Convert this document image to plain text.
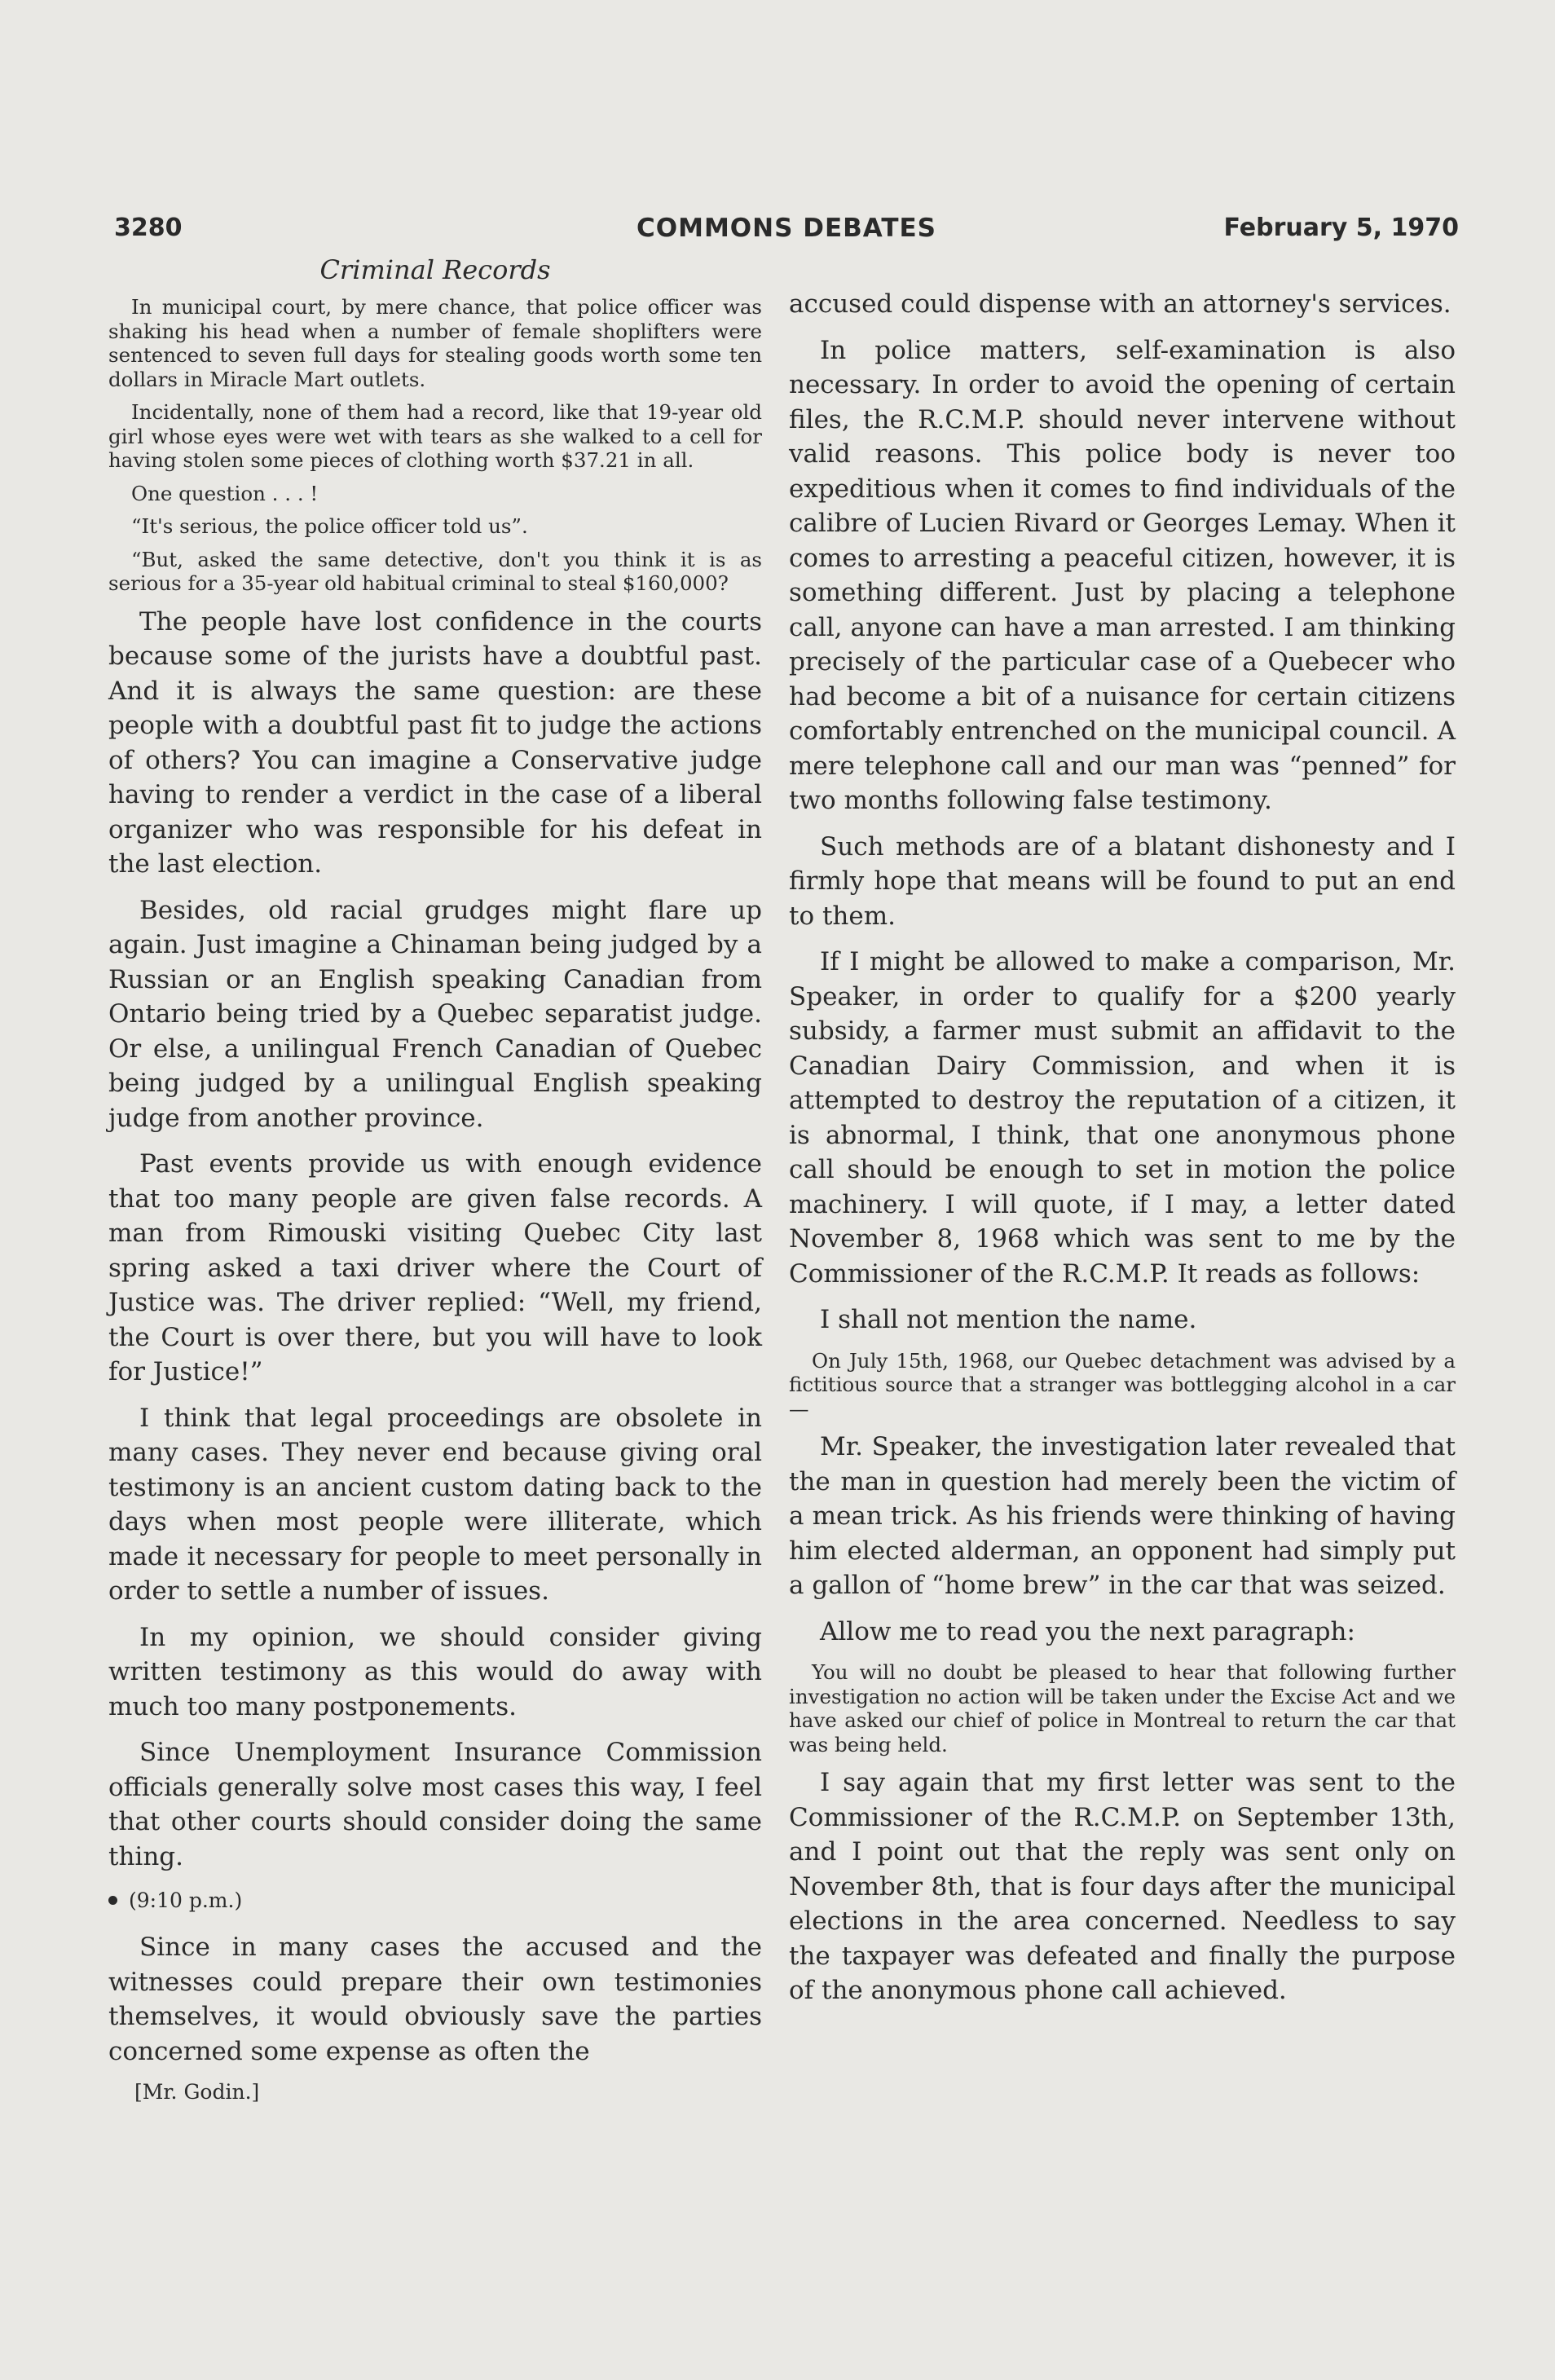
3280	COMMONS DEBATES	February 5, 1970
Criminal Records

In municipal court, by mere chance, that police officer was shaking his head when a number of female shoplifters were sentenced to seven full days for stealing goods worth some ten dollars in Miracle Mart outlets.

Incidentally, none of them had a record, like that 19-year old girl whose eyes were wet with tears as she walked to a cell for having stolen some pieces of clothing worth $37.21 in all.

One question . . . !

“It's serious, the police officer told us”.

“But, asked the same detective, don't you think it is as serious for a 35-year old habitual criminal to steal $160,000?

The people have lost confidence in the courts because some of the jurists have a doubtful past. And it is always the same question: are these people with a doubtful past fit to judge the actions of others? You can imagine a Conservative judge having to render a verdict in the case of a liberal organizer who was responsible for his defeat in the last election.

Besides, old racial grudges might flare up again. Just imagine a Chinaman being judged by a Russian or an English speaking Canadian from Ontario being tried by a Quebec separatist judge. Or else, a unilingual French Canadian of Quebec being judged by a unilingual English speaking judge from another province.

Past events provide us with enough evidence that too many people are given false records. A man from Rimouski visiting Quebec City last spring asked a taxi driver where the Court of Justice was. The driver replied: “Well, my friend, the Court is over there, but you will have to look for Justice!”

I think that legal proceedings are obsolete in many cases. They never end because giving oral testimony is an ancient custom dating back to the days when most people were illiterate, which made it necessary for people to meet personally in order to settle a number of issues.

In my opinion, we should consider giving written testimony as this would do away with much too many postponements.

Since Unemployment Insurance Commission officials generally solve most cases this way, I feel that other courts should consider doing the same thing.

(9:10 p.m.)

Since in many cases the accused and the witnesses could prepare their own testimonies themselves, it would obviously save the parties concerned some expense as often the

[Mr. Godin.]

accused could dispense with an attorney's services.

In police matters, self-examination is also necessary. In order to avoid the opening of certain files, the R.C.M.P. should never intervene without valid reasons. This police body is never too expeditious when it comes to find individuals of the calibre of Lucien Rivard or Georges Lemay. When it comes to arresting a peaceful citizen, however, it is something different. Just by placing a telephone call, anyone can have a man arrested. I am thinking precisely of the particular case of a Quebecer who had become a bit of a nuisance for certain citizens comfortably entrenched on the municipal council. A mere telephone call and our man was “penned” for two months following false testimony.

Such methods are of a blatant dishonesty and I firmly hope that means will be found to put an end to them.

If I might be allowed to make a comparison, Mr. Speaker, in order to qualify for a $200 yearly subsidy, a farmer must submit an affidavit to the Canadian Dairy Commission, and when it is attempted to destroy the reputation of a citizen, it is abnormal, I think, that one anonymous phone call should be enough to set in motion the police machinery. I will quote, if I may, a letter dated November 8, 1968 which was sent to me by the Commissioner of the R.C.M.P. It reads as follows:

I shall not mention the name.

On July 15th, 1968, our Quebec detachment was advised by a fictitious source that a stranger was bottlegging alcohol in a car—

Mr. Speaker, the investigation later revealed that the man in question had merely been the victim of a mean trick. As his friends were thinking of having him elected alderman, an opponent had simply put a gallon of “home brew” in the car that was seized.

Allow me to read you the next paragraph:

You will no doubt be pleased to hear that following further investigation no action will be taken under the Excise Act and we have asked our chief of police in Montreal to return the car that was being held.

I say again that my first letter was sent to the Commissioner of the R.C.M.P. on September 13th, and I point out that the reply was sent only on November 8th, that is four days after the municipal elections in the area concerned. Needless to say the taxpayer was defeated and finally the purpose of the anonymous phone call achieved.
